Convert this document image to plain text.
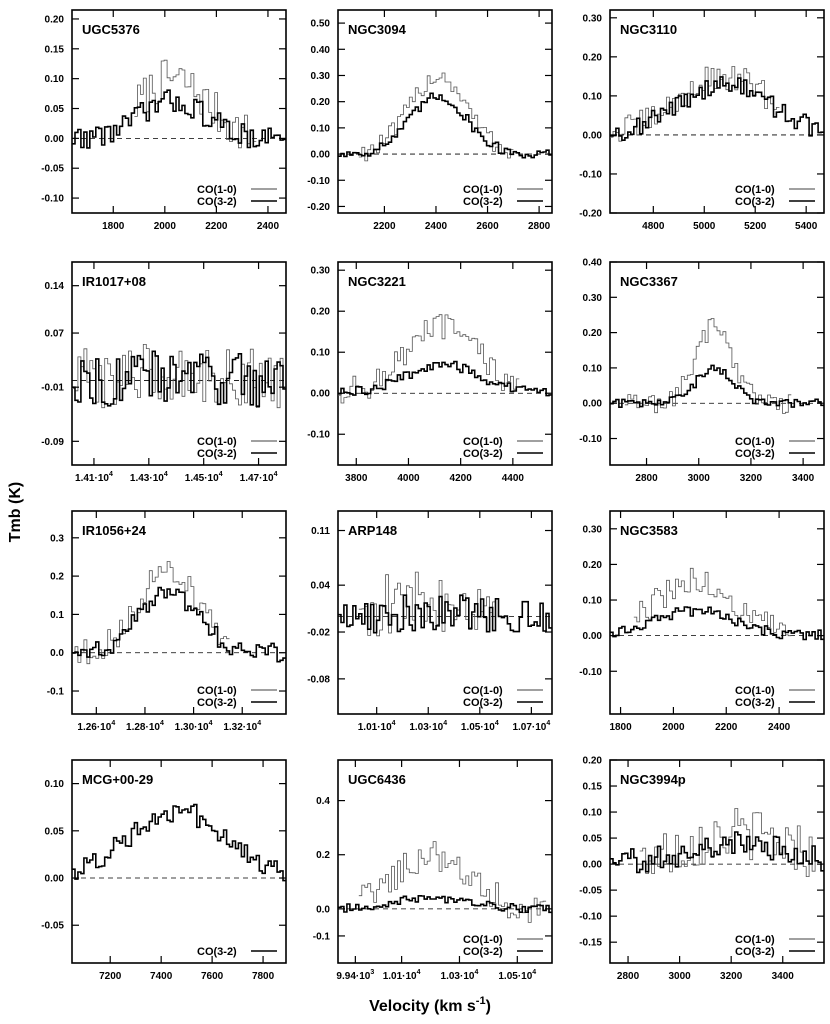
Tmb (K)
Velocity (km $s^{-1}$)
1800	2000	2200	2400
0.20
0.15
0.10
0.05
0.00
-0.05
-0.10
UGC5376
CO(1-0)
CO(3-2)
2200	2400	2600	2800
0.50
0.40
0.30
0.20
0.10
0.00
-0.10
-0.20
NGC3094
CO(1-0)
CO(3-2)
4800	5000	5200	5400
0.30
0.20
0.10
0.00
-0.10
-0.20
NGC3110
CO(1-0)
CO(3-2)
$1.41\cdot 10^4$ $1.43\cdot 10^4$ $1.45\cdot 10^4$ $1.47\cdot 10^4$
0.14
0.07
-0.01
-0.09
IR1017+08
CO(1-0)
CO(3-2)
3800	4000	4200	4400
0.30
0.20
0.10
0.00
-0.10
NGC3221
CO(1-0)
CO(3-2)
2800	3000	3200	3400
0.40
0.30
0.20
0.10
0.00
-0.10
NGC3367
CO(1-0)
CO(3-2)
$1.26\cdot 10^4$ $1.28\cdot 10^4$ $1.30\cdot 10^4$ $1.32\cdot 10^4$
0.3
0.2
0.1
0.0
-0.1
IR1056+24
CO(1-0)
CO(3-2)
$1.01\cdot 10^4$ $1.03\cdot 10^4$ $1.05\cdot 10^4$ $1.07\cdot 10^4$
0.11
0.04
-0.02
-0.08
ARP148
CO(1-0)
CO(3-2)
1800	2000	2200	2400
0.30
0.20
0.10
0.00
-0.10
NGC3583
CO(1-0)
CO(3-2)
7200	7400	7600	7800
0.10
0.05
0.00
-0.05
MCG+00-29
CO(3-2)
$9.94\cdot 10^3$ $1.01\cdot 10^4$ $1.03\cdot 10^4$ $1.05\cdot 10^4$
0.4
0.2
0.0
-0.1
UGC6436
CO(1-0)
CO(3-2)
2800	3000	3200	3400
0.20
0.15
0.10
0.05
0.00
-0.05
-0.10
-0.15
NGC3994p
CO(1-0)
CO(3-2)
